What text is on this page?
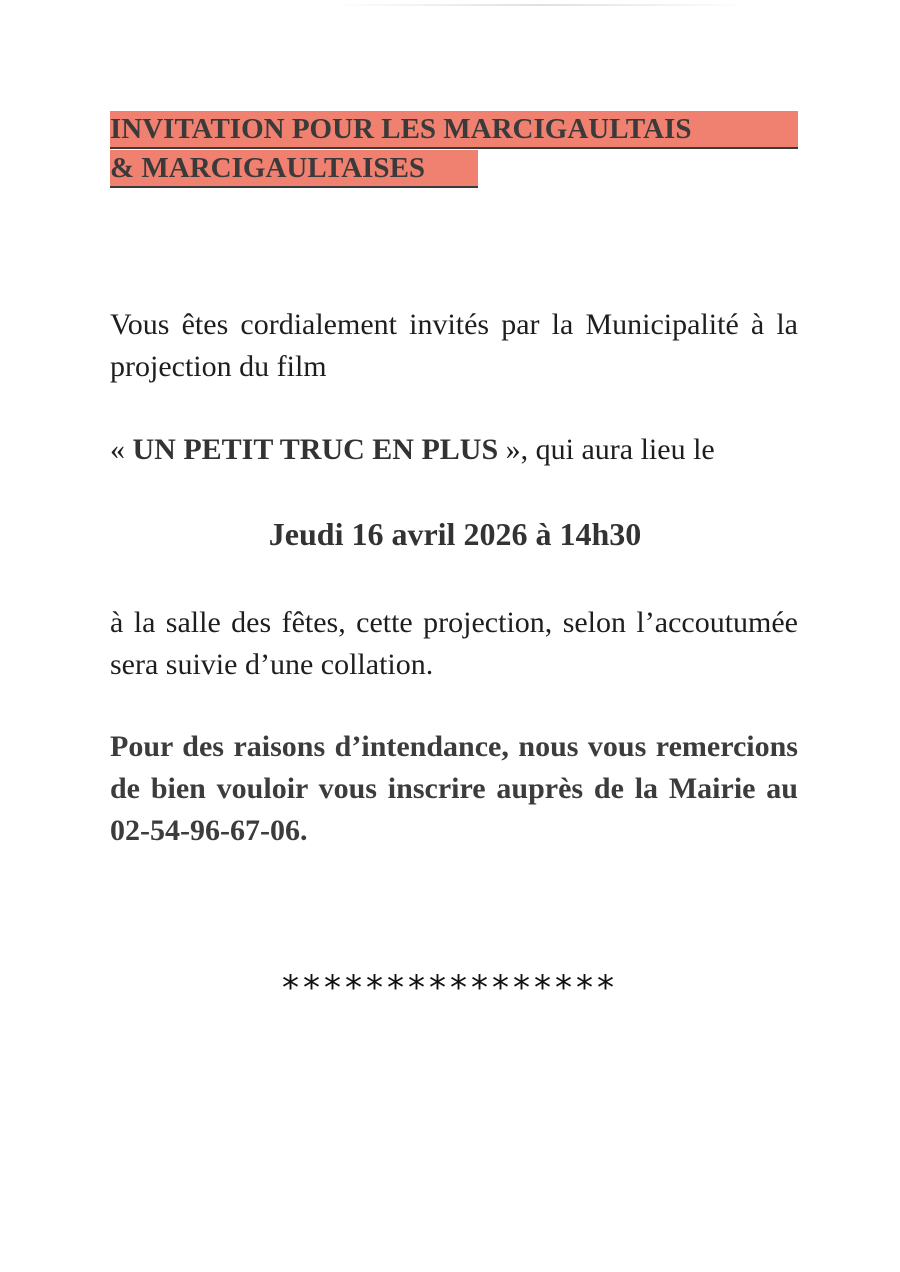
INVITATION POUR LES MARCIGAULTAIS
& MARCIGAULTAISES

Vous êtes cordialement invités par la Municipalité à la projection du film

« UN PETIT TRUC EN PLUS », qui aura lieu le

Jeudi 16 avril 2026 à 14h30

à la salle des fêtes, cette projection, selon l’accoutumée sera suivie d’une collation.

Pour des raisons d’intendance, nous vous remercions de bien vouloir vous inscrire auprès de la Mairie au 02-54-96-67-06.

****************
